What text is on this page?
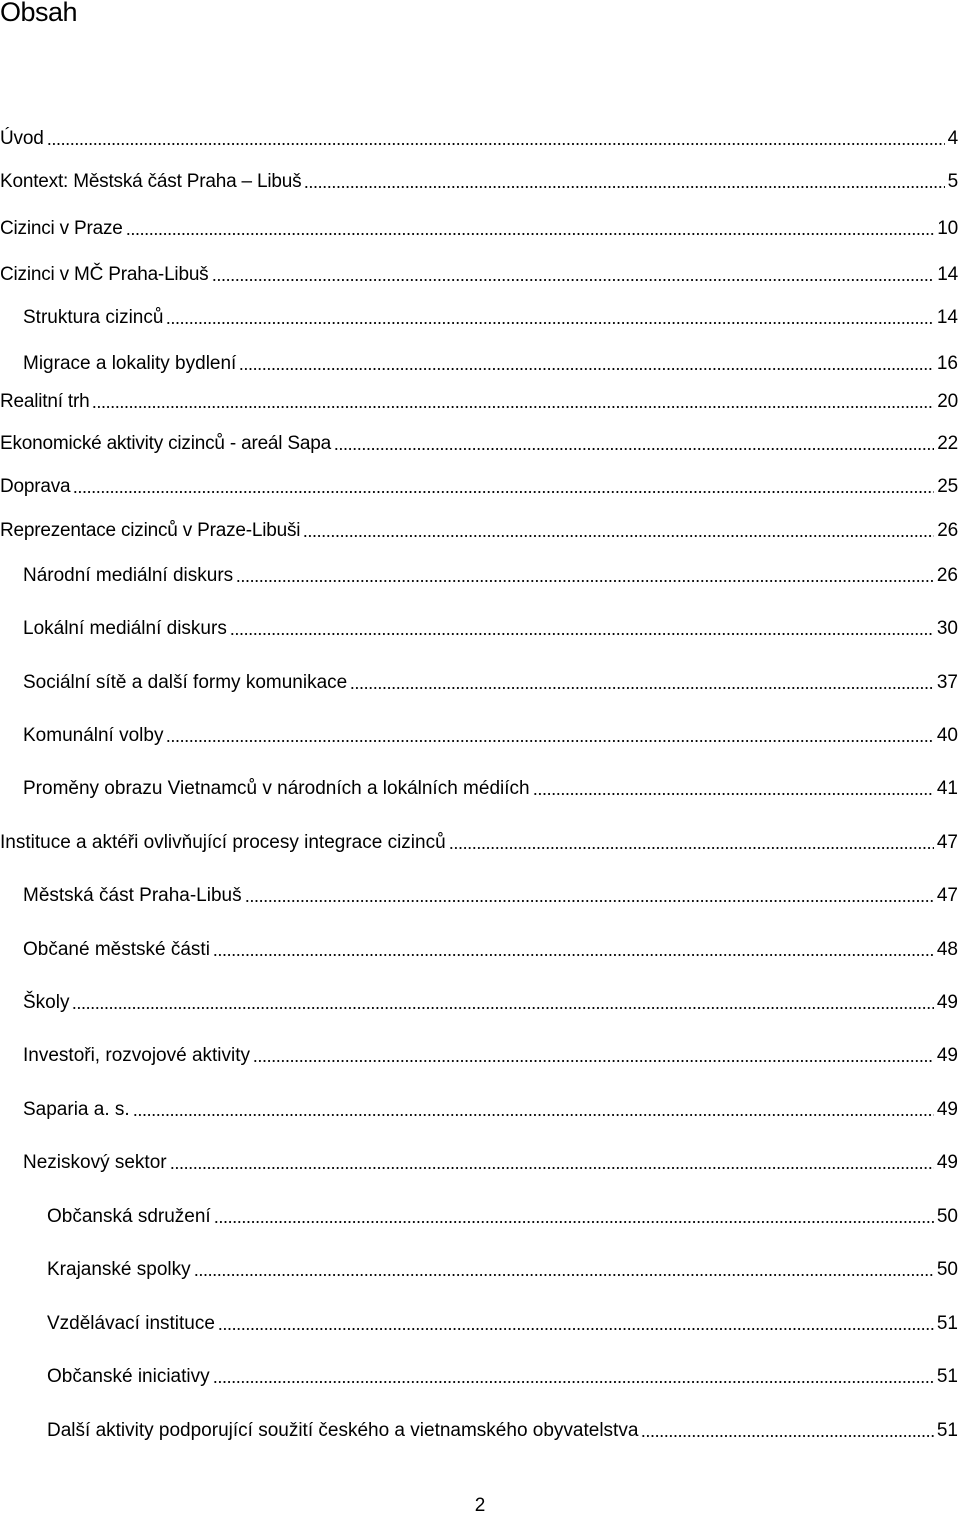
Obsah
Úvod	4
Kontext: Městská část Praha – Libuš	5
Cizinci v Praze	10
Cizinci v MČ Praha-Libuš	14
Struktura cizinců	14
Migrace a lokality bydlení	16
Realitní trh	20
Ekonomické aktivity cizinců - areál Sapa	22
Doprava	25
Reprezentace cizinců v Praze-Libuši	26
Národní mediální diskurs	26
Lokální mediální diskurs	30
Sociální sítě a další formy komunikace	37
Komunální volby	40
Proměny obrazu Vietnamců v národních a lokálních médiích	41
Instituce a aktéři ovlivňující procesy integrace cizinců	47
Městská část Praha-Libuš	47
Občané městské části	48
Školy	49
Investoři, rozvojové aktivity	49
Saparia a. s.	49
Neziskový sektor	49
Občanská sdružení	50
Krajanské spolky	50
Vzdělávací instituce	51
Občanské iniciativy	51
Další aktivity podporující soužití českého a vietnamského obyvatelstva	51
2
